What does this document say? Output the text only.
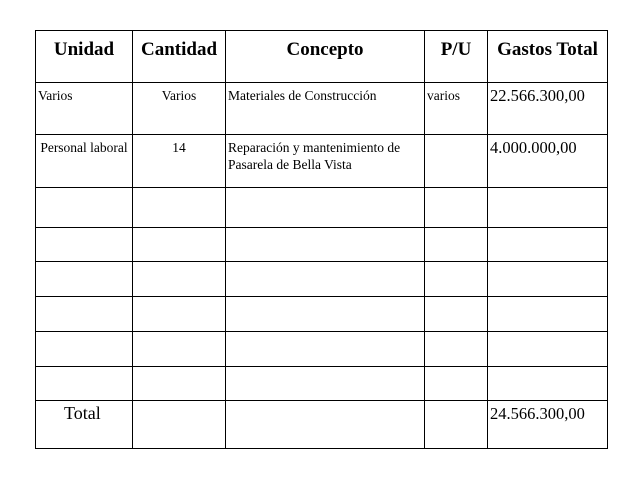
Unidad	Cantidad	Concepto	P/U	Gastos Total

Varios	Varios	Materiales de Construcción	varios	22.566.300,00

Personal laboral	14	Reparación y mantenimiento de Pasarela de Bella Vista		4.000.000,00

Total				24.566.300,00
